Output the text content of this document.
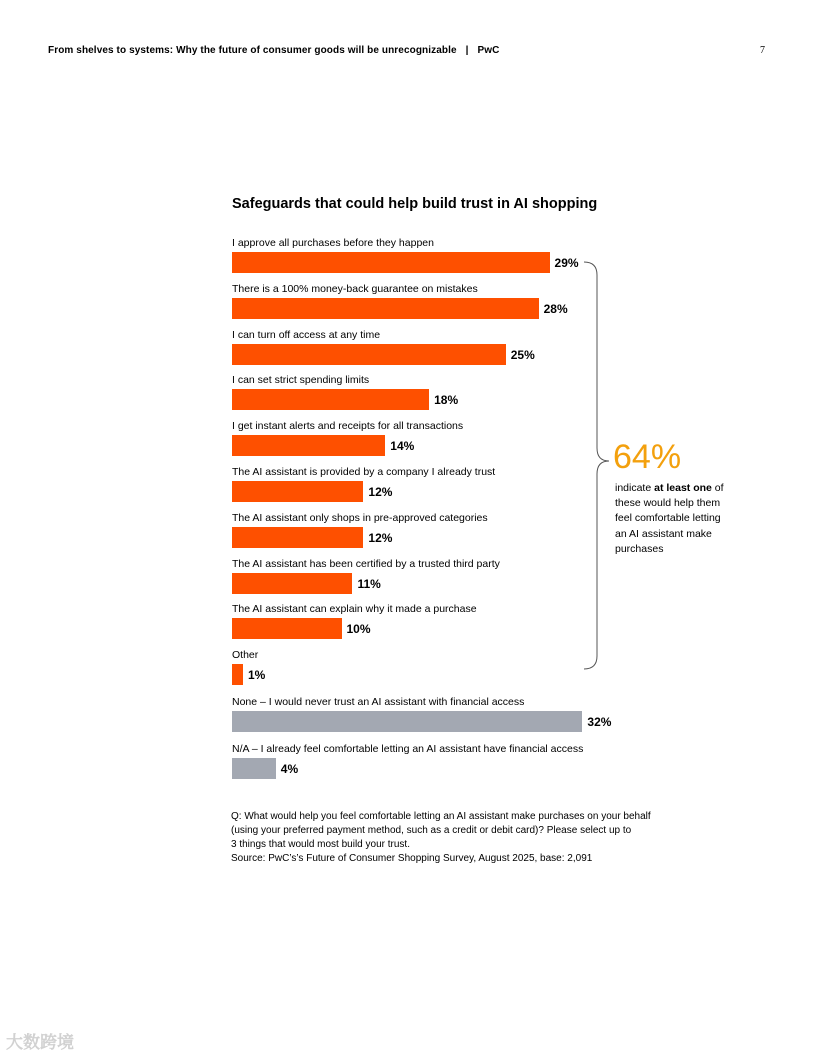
From shelves to systems: Why the future of consumer goods will be unrecognizable | PwC	7
Safeguards that could help build trust in AI shopping
I approve all purchases before they happen
29%
There is a 100% money-back guarantee on mistakes
28%
I can turn off access at any time
25%
I can set strict spending limits
18%
I get instant alerts and receipts for all transactions
14%
The AI assistant is provided by a company I already trust
12%
The AI assistant only shops in pre-approved categories
12%
The AI assistant has been certified by a trusted third party
11%
The AI assistant can explain why it made a purchase
10%
Other
1%
None – I would never trust an AI assistant with financial access
32%
N/A – I already feel comfortable letting an AI assistant have financial access
4%
64%
indicate at least one of these would help them feel comfortable letting an AI assistant make purchases
Q: What would help you feel comfortable letting an AI assistant make purchases on your behalf
(using your preferred payment method, such as a credit or debit card)? Please select up to
3 things that would most build your trust.
Source: PwC’s’s Future of Consumer Shopping Survey, August 2025, base: 2,091
大数跨境
